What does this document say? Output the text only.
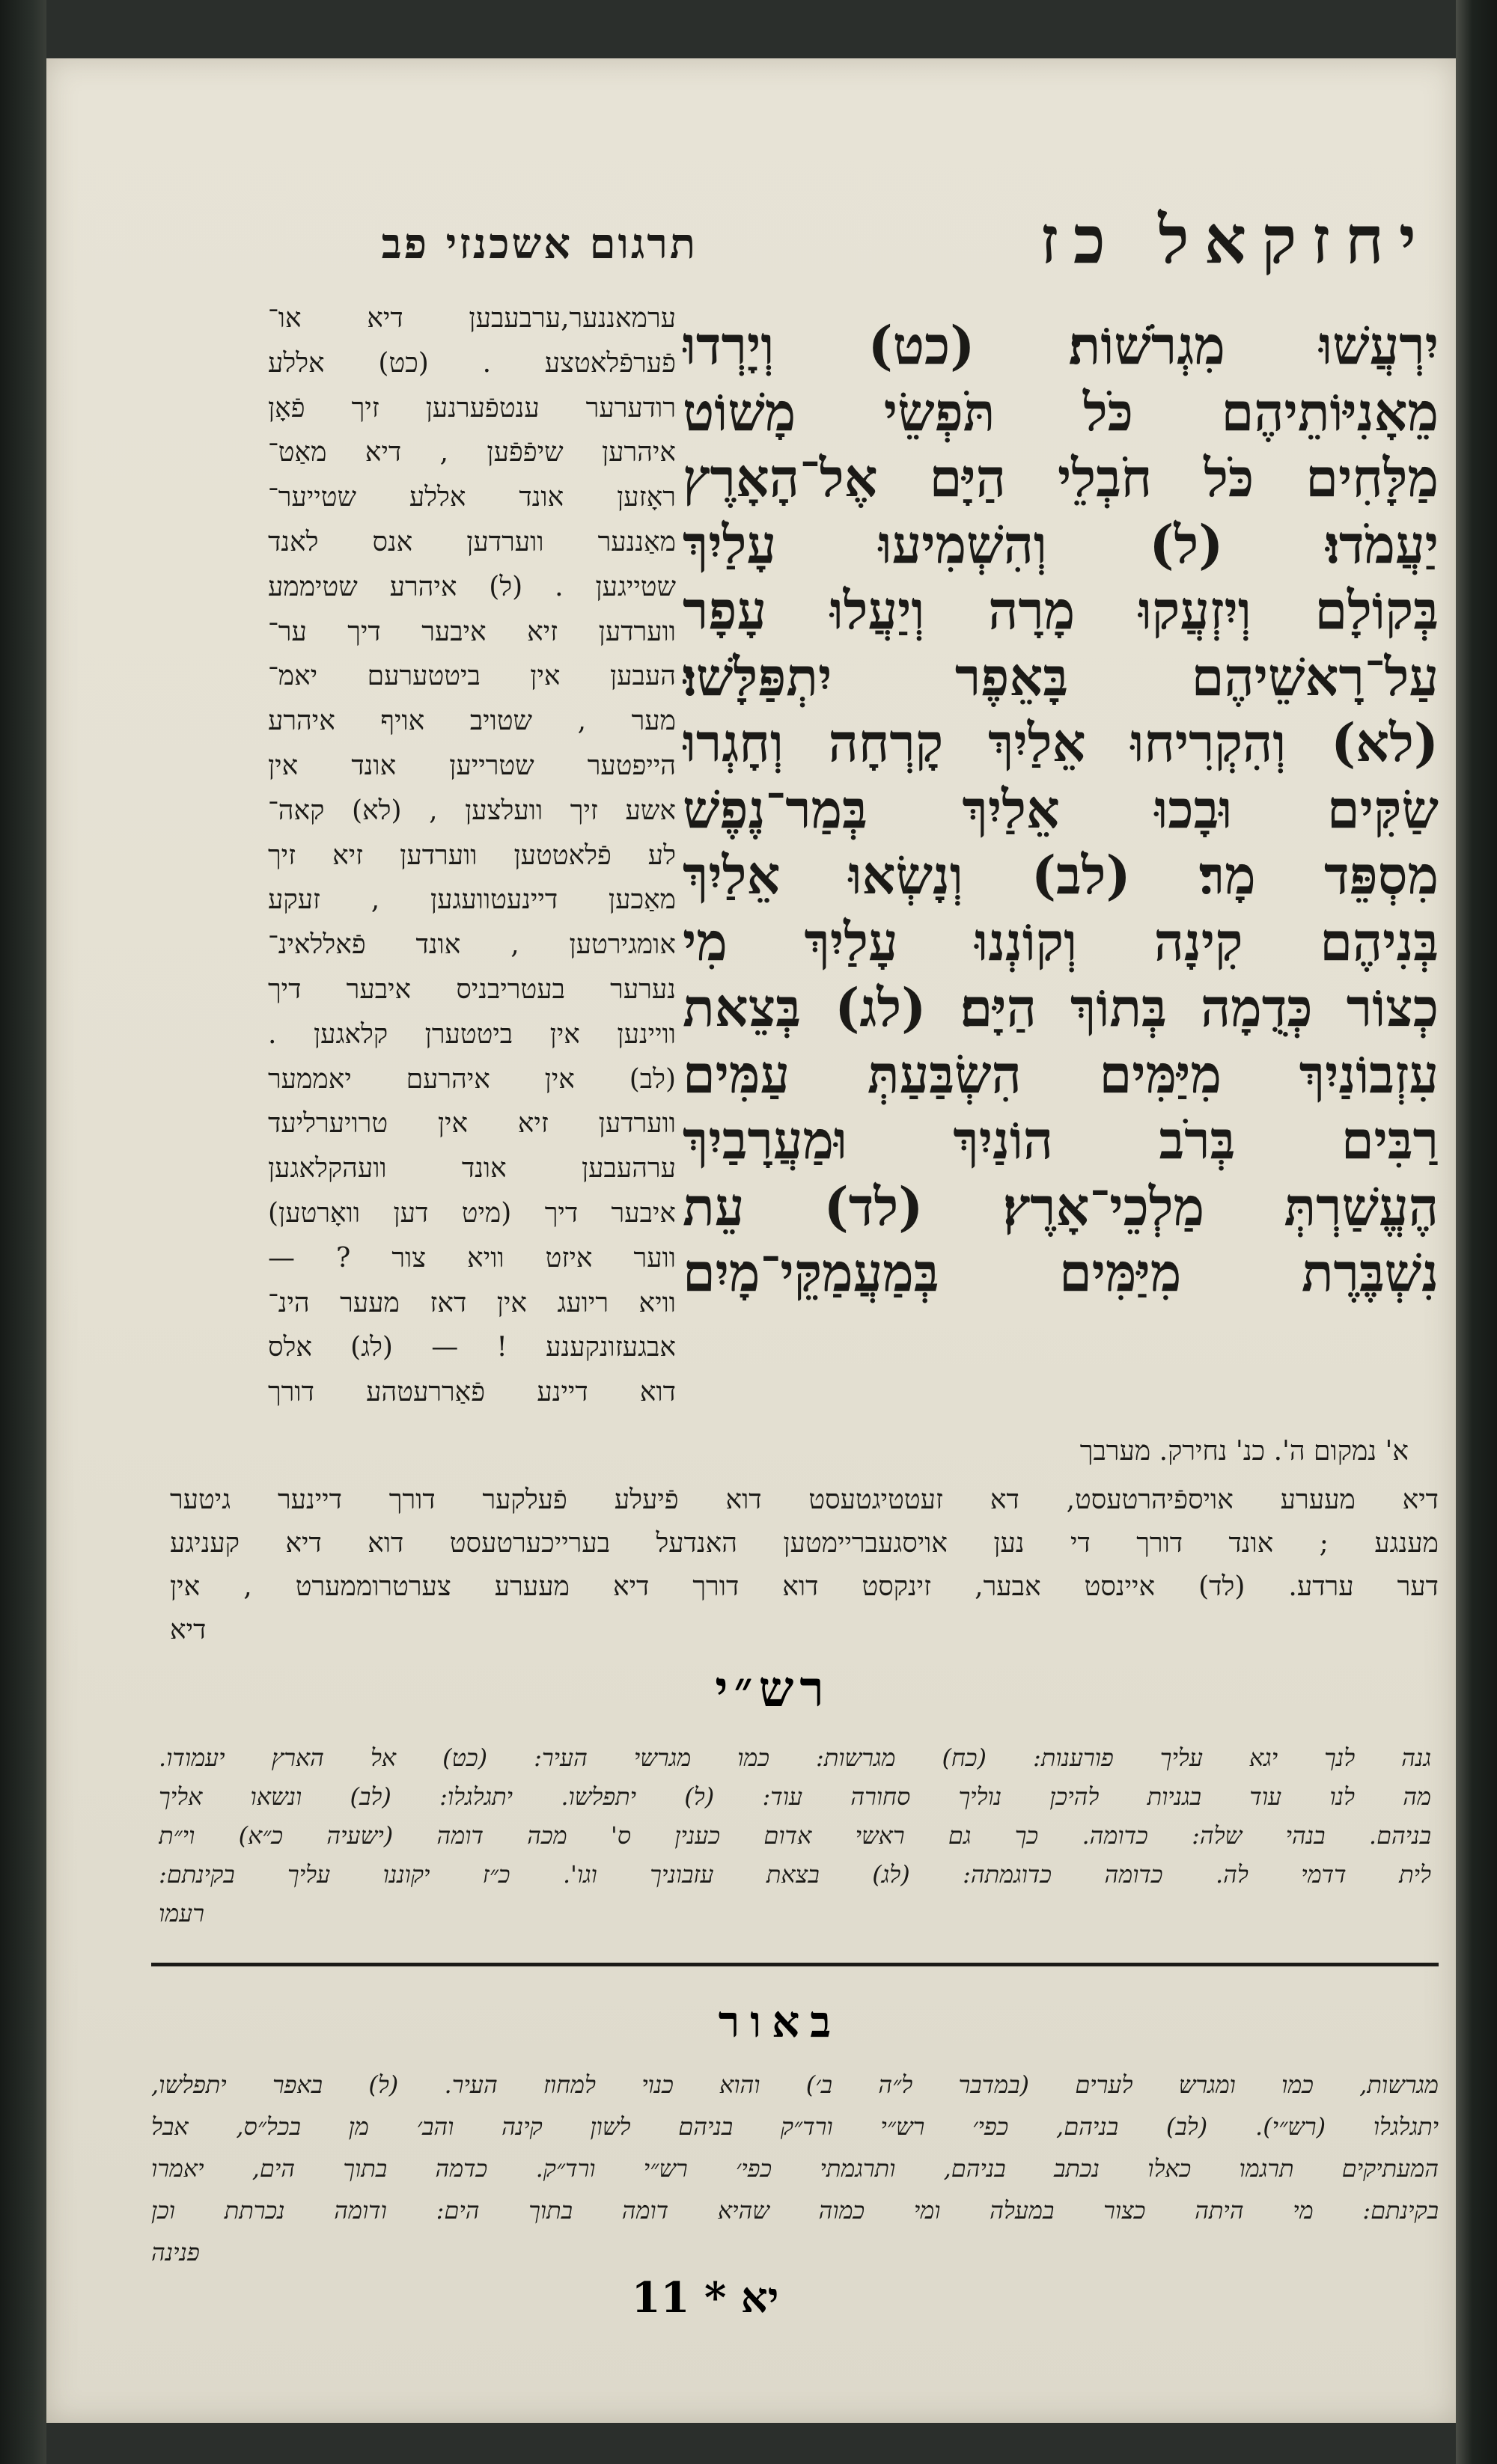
יחזקאל כז
תרגום אשכנזי פב
יִרְעֲשׁוּ מִגְרֹשׁוֹת׃ (כט) וְיָרְדוּ
מֵאָנִיּוֹתֵיהֶם כֹּל תֹּפְשֵׂי מָשׁוֹט
מַלָּחִים כֹּל חֹבְלֵי הַיָּם אֶל־הָאָרֶץ
יַעֲמֹדוּ׃ (ל) וְהִשְׁמִיעוּ עָלַיִךְ
בְּקוֹלָם וְיִזְעֲקוּ מָרָה וְיַעֲלוּ עָפָר
עַל־רָאשֵׁיהֶם בָּאֵפֶר יִתְפַּלָּשׁוּ׃
(לא) וְהִקְרִיחוּ אֵלַיִךְ קָרְחָה וְחָגְרוּ
שַׂקִּים וּבָכוּ אֵלַיִךְ בְּמַר־נֶפֶשׁ
מִסְפֵּד מָר׃ (לב) וְנָשְׂאוּ אֵלַיִךְ
בְּנִיהֶם קִינָה וְקוֹנְנוּ עָלַיִךְ מִי
כְצוֹר כְּדֻמָה בְּתוֹךְ הַיָּם׃ (לג) בְּצֵאת
עִזְבוֹנַיִךְ מִיַּמִּים הִשְׂבַּעַתְּ עַמִּים
רַבִּים בְּרֹב הוֹנַיִךְ וּמַעֲרָבַיִךְ
הֶעֱשַׁרְתְּ מַלְכֵי־אָרֶץ׃ (לד) עֵת
נִשְׁבֶּרֶת מִיַּמִּים בְּמַעֲמַקֵּי־מָיִם
ערמאננער,ערבעבען דיא או־
פֿערפֿלאטצע . (כט) אללע
רודערער ענטפֿערנען זיך פֿאָן
איהרען שיפֿפֿען , דיא מאַט־
ראָזען אונד אללע שטייער־
מאַננער ווערדען אנס לאנד
שטייגען . (ל) איהרע שטיממע
ווערדען זיא איבער דיך ער־
העבען אין ביטטערעם יאמ־
מער , שטויב אויף איהרע
הייפטער שטרייען אונד אין
אשע זיך וועלצען , (לא) קאה־
לע פֿלאטטען ווערדען זיא זיך
מאַכען דיינעטוועגען , זעקע
אומגירטען , אונד פֿאללאינ־
נערער בעטריבניס איבער דיך
וויינען אין ביטטערן קלאגען .
(לב) אין איהרעם יאממער
ווערדען זיא אין טרויערליעד
ערהעבען אונד וועהקלאגען
איבער דיך (מיט דען וואָרטען)
ווער איזט וויא צור ? —
וויא ריועג אין דאז מעער הינ־
אבגעזונקענע ! — (לג) אלס
דוא דיינע פֿאַררעטהע דורך
א' נמקום ה'. כנ' נחירק. מערבך
דיא מעערע אויספֿיהרטעסט, דא זעטטיגטעסט דוא פֿיעלע פֿעלקער דורך דיינער גיטער
מענגע ; אונד דורך די נען אויסגעבריימטען האנדעל בערייכערטעסט דוא דיא קעניגע
דער ערדע. (לד) איינסט אבער, זינקסט דוא דורך דיא מעערע צערטרוממערט , אין
דיא
רש״י
גנה לנך יגא עליך פורענות: (כח) מגרשות: כמו מגרשי העיר: (כט) אל הארץ יעמודו.
מה לנו עוד בגניות להיכן נוליך סחורה עוד: (ל) יתפלשו. יתגלגלו: (לב) ונשאו אליך
בניהם. בנהי שלה: כדומה. כך גם ראשי אדום כענין ס' מכה דומה (ישעיה כ״א) וי״ת
לית דדמי לה. כדומה כדוגמתה: (לג) בצאת עזבוניך וגו'. כ״ז יקוננו עליך בקינתם:
רעמו
באור
מגרשות, כמו ומגרש לערים (במדבר ל״ה ב׳) והוא כנוי למחוז העיר. (ל) באפר יתפלשו,
יתגלגלו (רש״י). (לב) בניהם, כפי׳ רש״י ורד״ק בניהם לשון קינה והב׳ מן בכל״ס, אבל
המעתיקים תרגמו כאלו נכתב בניהם, ותרגמתי כפי׳ רש״י ורד״ק. כדמה בתוך הים, יאמרו
בקינתם: מי היתה כצור במעלה ומי כמוה שהיא דומה בתוך הים: ודומה נכרתת וכן
פנינה
יא * 11
